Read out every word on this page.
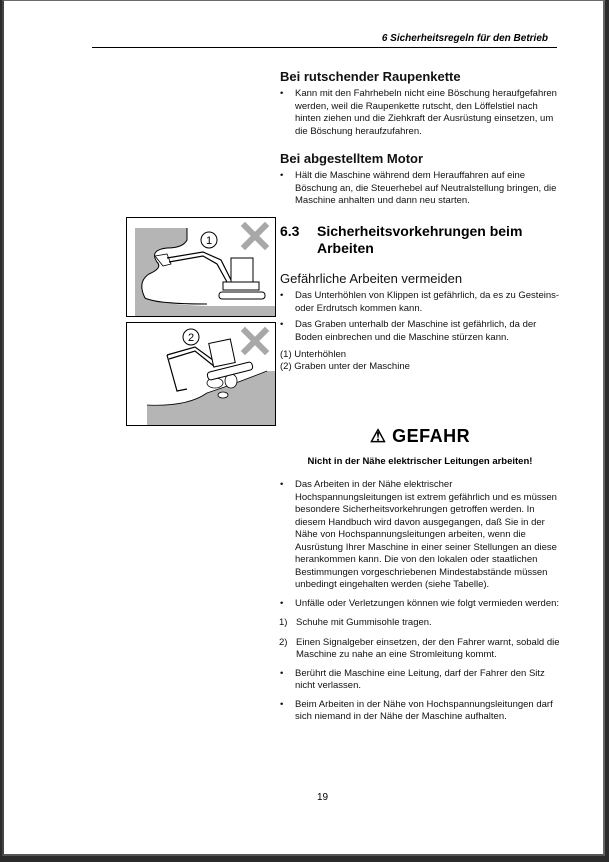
6 Sicherheitsregeln für den Betrieb
Bei rutschender Raupenkette
• Kann mit den Fahrhebeln nicht eine Böschung heraufgefahren werden, weil die Raupenkette rutscht, den Löffelstiel nach hinten ziehen und die Ziehkraft der Ausrüstung einsetzen, um die Böschung heraufzufahren.
Bei abgestelltem Motor
• Hält die Maschine während dem Herauffahren auf eine Böschung an, die Steuerhebel auf Neutralstellung bringen, die Maschine anhalten und dann neu starten.
6.3 Sicherheitsvorkehrungen beim Arbeiten
Gefährliche Arbeiten vermeiden
• Das Unterhöhlen von Klippen ist gefährlich, da es zu Gesteins- oder Erdrutsch kommen kann.
• Das Graben unterhalb der Maschine ist gefährlich, da der Boden einbrechen und die Maschine stürzen kann.
(1) Unterhöhlen
(2) Graben unter der Maschine
1
2
⚠ GEFAHR
Nicht in der Nähe elektrischer Leitungen arbeiten!
• Das Arbeiten in der Nähe elektrischer Hochspannungsleitungen ist extrem gefährlich und es müssen besondere Sicherheitsvorkehrungen getroffen werden. In diesem Handbuch wird davon ausgegangen, daß Sie in der Nähe von Hochspannungsleitungen arbeiten, wenn die Ausrüstung Ihrer Maschine in einer seiner Stellungen an diese herankommen kann. Die von den lokalen oder staatlichen Bestimmungen vorgeschriebenen Mindestabstände müssen unbedingt eingehalten werden (siehe Tabelle).
• Unfälle oder Verletzungen können wie folgt vermieden werden:
1) Schuhe mit Gummisohle tragen.
2) Einen Signalgeber einsetzen, der den Fahrer warnt, sobald die Maschine zu nahe an eine Stromleitung kommt.
• Berührt die Maschine eine Leitung, darf der Fahrer den Sitz nicht verlassen.
• Beim Arbeiten in der Nähe von Hochspannungsleitungen darf sich niemand in der Nähe der Maschine aufhalten.
19
